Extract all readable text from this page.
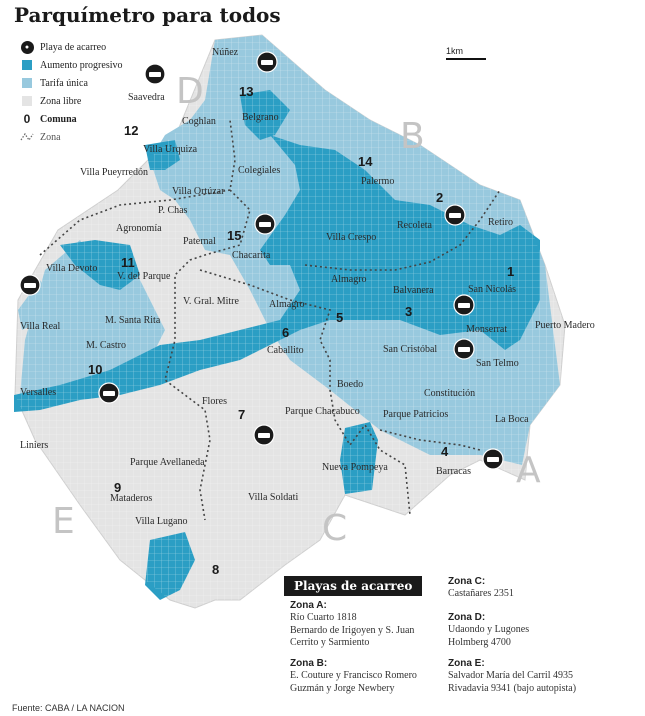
A
B
C
D
E
1
2
3
4
5
6
7
8
9
10
11
12
13
14
15
Núñez
Saavedra
Coghlan	Belgrano
Villa Urquiza
Colegiales
Palermo
Villa Pueyrredón
Villa Ortúzar
P. Chas
Recoleta	Retiro
Agronomía
Paternal
Chacarita
Villa Crespo
Villa Devoto
V. del Parque	Almagro
San Nicolás
Balvanera
V. Gral. Mitre	Almagro
Villa Real
M. Santa Rita	Puerto Madero
Monserrat
Caballito
M. Castro	San Cristóbal
San Telmo
Versalles
Boedo
Constitución
Flores
Parque Chacabuco Parque Patricios	La Boca
Liniers
Barracas
Parque Avellaneda	Nueva Pompeya
Mataderos	Villa Soldati
Villa Lugano
Parquímetro para todos
●	Playa de acarreo
Aumento progresivo
Tarifa única
Zona libre
0 Comuna
Zona
1km
Playas de acarreo
Zona A:
Río Cuarto 1818
Bernardo de Irigoyen y S. Juan
Cerrito y Sarmiento
Zona B:
E. Couture y Francisco Romero
Guzmán y Jorge Newbery
Zona C:
Castañares 2351
Zona D:
Udaondo y Lugones
Holmberg 4700
Zona E:
Salvador María del Carril 4935
Rivadavia 9341 (bajo autopista)
Fuente: CABA / LA NACION
